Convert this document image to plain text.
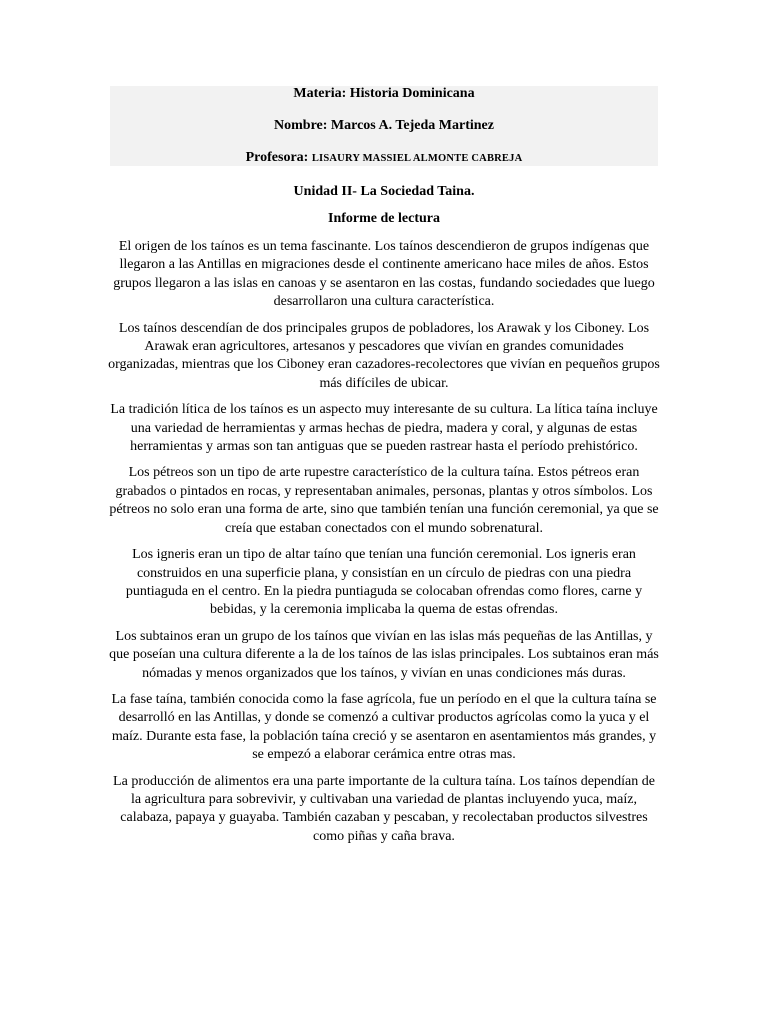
Materia: Historia Dominicana
Nombre: Marcos A. Tejeda Martinez
Profesora: LISAURY MASSIEL ALMONTE CABREJA
Unidad II- La Sociedad Taina.
Informe de lectura

El origen de los taínos es un tema fascinante. Los taínos descendieron de grupos indígenas que llegaron a las Antillas en migraciones desde el continente americano hace miles de años. Estos grupos llegaron a las islas en canoas y se asentaron en las costas, fundando sociedades que luego desarrollaron una cultura característica.

Los taínos descendían de dos principales grupos de pobladores, los Arawak y los Ciboney. Los Arawak eran agricultores, artesanos y pescadores que vivían en grandes comunidades organizadas, mientras que los Ciboney eran cazadores-recolectores que vivían en pequeños grupos más difíciles de ubicar.

La tradición lítica de los taínos es un aspecto muy interesante de su cultura. La lítica taína incluye una variedad de herramientas y armas hechas de piedra, madera y coral, y algunas de estas herramientas y armas son tan antiguas que se pueden rastrear hasta el período prehistórico.

Los pétreos son un tipo de arte rupestre característico de la cultura taína. Estos pétreos eran grabados o pintados en rocas, y representaban animales, personas, plantas y otros símbolos. Los pétreos no solo eran una forma de arte, sino que también tenían una función ceremonial, ya que se creía que estaban conectados con el mundo sobrenatural.

Los igneris eran un tipo de altar taíno que tenían una función ceremonial. Los igneris eran construidos en una superficie plana, y consistían en un círculo de piedras con una piedra puntiaguda en el centro. En la piedra puntiaguda se colocaban ofrendas como flores, carne y bebidas, y la ceremonia implicaba la quema de estas ofrendas.

Los subtainos eran un grupo de los taínos que vivían en las islas más pequeñas de las Antillas, y que poseían una cultura diferente a la de los taínos de las islas principales. Los subtainos eran más nómadas y menos organizados que los taínos, y vivían en unas condiciones más duras.

La fase taína, también conocida como la fase agrícola, fue un período en el que la cultura taína se desarrolló en las Antillas, y donde se comenzó a cultivar productos agrícolas como la yuca y el maíz. Durante esta fase, la población taína creció y se asentaron en asentamientos más grandes, y se empezó a elaborar cerámica entre otras mas.

La producción de alimentos era una parte importante de la cultura taína. Los taínos dependían de la agricultura para sobrevivir, y cultivaban una variedad de plantas incluyendo yuca, maíz, calabaza, papaya y guayaba. También cazaban y pescaban, y recolectaban productos silvestres como piñas y caña brava.
